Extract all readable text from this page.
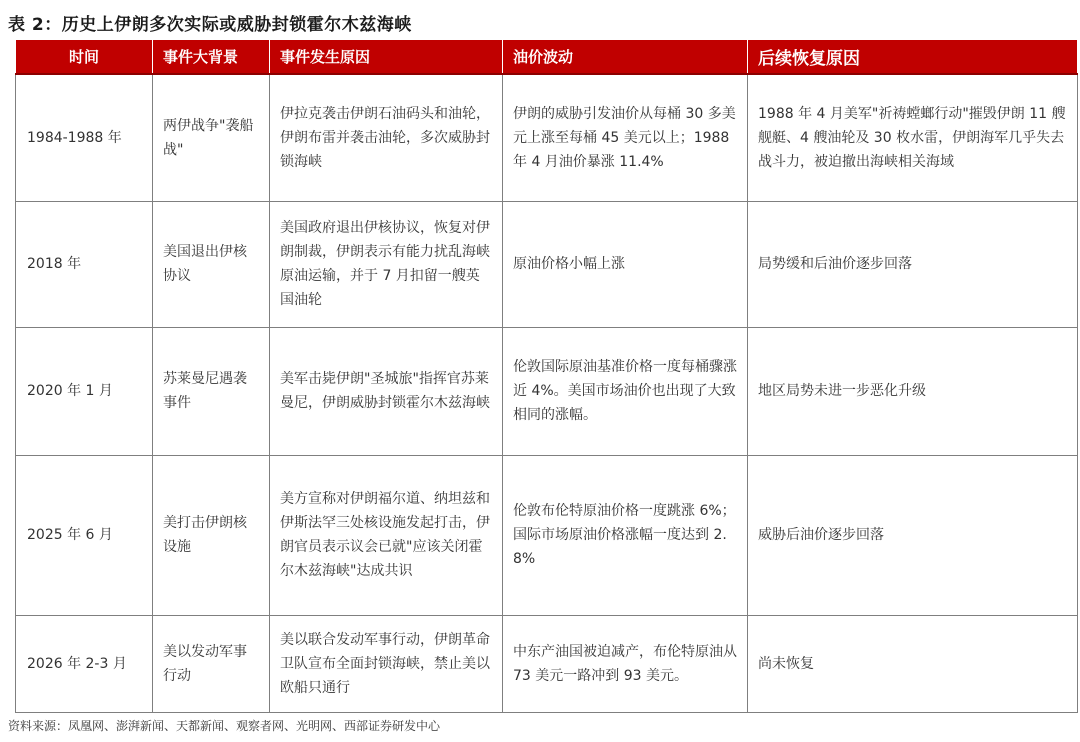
表 2：历史上伊朗多次实际或威胁封锁霍尔木兹海峡
时间	事件大背景	事件发生原因	油价波动	后续恢复原因
1984-1988 年	两伊战争"袭船战"	伊拉克袭击伊朗石油码头和油轮，伊朗布雷并袭击油轮，多次威胁封锁海峡	伊朗的威胁引发油价从每桶 30 多美元上涨至每桶 45 美元以上；1988 年 4 月油价暴涨 11.4%	1988 年 4 月美军"祈祷螳螂行动"摧毁伊朗 11 艘舰艇、4 艘油轮及 30 枚水雷，伊朗海军几乎失去战斗力，被迫撤出海峡相关海域
2018 年	美国退出伊核协议	美国政府退出伊核协议，恢复对伊朗制裁，伊朗表示有能力扰乱海峡原油运输，并于 7 月扣留一艘英国油轮	原油价格小幅上涨	局势缓和后油价逐步回落
2020 年 1 月	苏莱曼尼遇袭事件	美军击毙伊朗"圣城旅"指挥官苏莱曼尼，伊朗威胁封锁霍尔木兹海峡	伦敦国际原油基准价格一度每桶骤涨近 4%。美国市场油价也出现了大致相同的涨幅。	地区局势未进一步恶化升级
2025 年 6 月	美打击伊朗核设施	美方宣称对伊朗福尔道、纳坦兹和伊斯法罕三处核设施发起打击，伊朗官员表示议会已就"应该关闭霍尔木兹海峡"达成共识	伦敦布伦特原油价格一度跳涨 6%；国际市场原油价格涨幅一度达到 2.8%	威胁后油价逐步回落
2026 年 2-3 月	美以发动军事行动	美以联合发动军事行动，伊朗革命卫队宣布全面封锁海峡，禁止美以欧船只通行	中东产油国被迫减产，布伦特原油从 73 美元一路冲到 93 美元。	尚未恢复
资料来源：凤凰网、澎湃新闻、天都新闻、观察者网、光明网、西部证券研发中心
